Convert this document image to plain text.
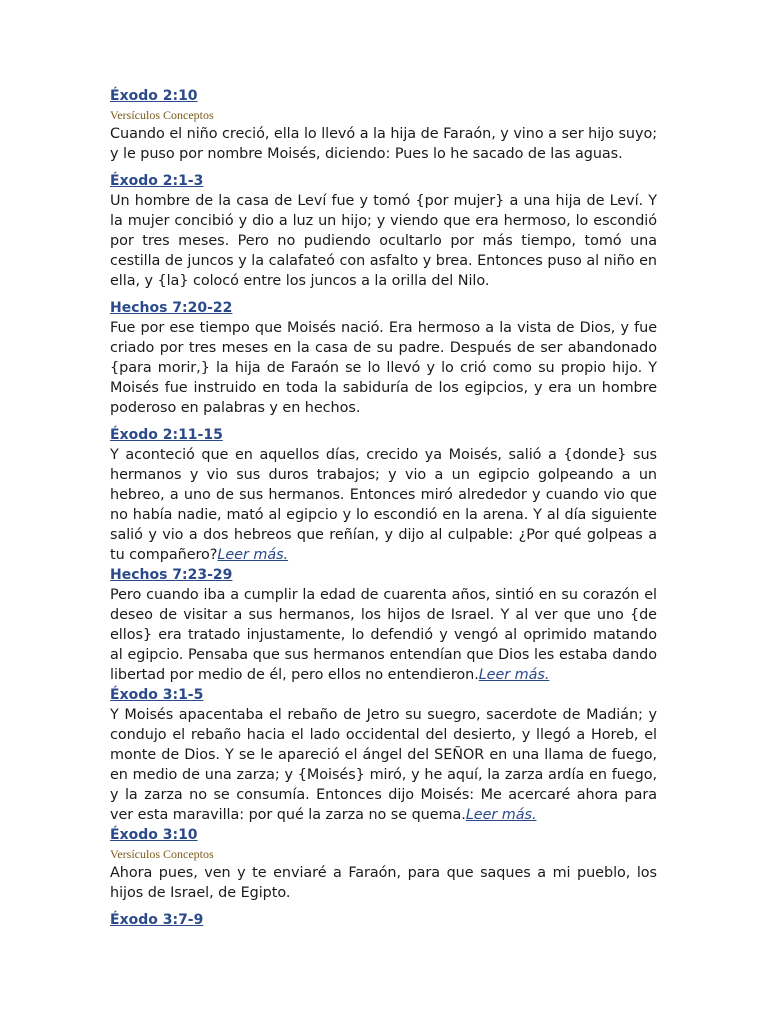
Éxodo 2:10
Versículos Conceptos

Cuando el niño creció, ella lo llevó a la hija de Faraón, y vino a ser hijo suyo; y le puso por nombre Moisés, diciendo: Pues lo he sacado de las aguas.

Éxodo 2:1-3

Un hombre de la casa de Leví fue y tomó {por mujer} a una hija de Leví. Y la mujer concibió y dio a luz un hijo; y viendo que era hermoso, lo escondió por tres meses. Pero no pudiendo ocultarlo por más tiempo, tomó una cestilla de juncos y la calafateó con asfalto y brea. Entonces puso al niño en ella, y {la} colocó entre los juncos a la orilla del Nilo.

Hechos 7:20-22

Fue por ese tiempo que Moisés nació. Era hermoso a la vista de Dios, y fue criado por tres meses en la casa de su padre. Después de ser abandonado {para morir,} la hija de Faraón se lo llevó y lo crió como su propio hijo. Y Moisés fue instruido en toda la sabiduría de los egipcios, y era un hombre poderoso en palabras y en hechos.

Éxodo 2:11-15

Y aconteció que en aquellos días, crecido ya Moisés, salió a {donde} sus hermanos y vio sus duros trabajos; y vio a un egipcio golpeando a un hebreo, a uno de sus hermanos. Entonces miró alrededor y cuando vio que no había nadie, mató al egipcio y lo escondió en la arena. Y al día siguiente salió y vio a dos hebreos que reñían, y dijo al culpable: ¿Por qué golpeas a tu compañero?Leer más.

Hechos 7:23-29

Pero cuando iba a cumplir la edad de cuarenta años, sintió en su corazón el deseo de visitar a sus hermanos, los hijos de Israel. Y al ver que uno {de ellos} era tratado injustamente, lo defendió y vengó al oprimido matando al egipcio. Pensaba que sus hermanos entendían que Dios les estaba dando libertad por medio de él, pero ellos no entendieron.Leer más.

Éxodo 3:1-5

Y Moisés apacentaba el rebaño de Jetro su suegro, sacerdote de Madián; y condujo el rebaño hacia el lado occidental del desierto, y llegó a Horeb, el monte de Dios. Y se le apareció el ángel del SEÑOR en una llama de fuego, en medio de una zarza; y {Moisés} miró, y he aquí, la zarza ardía en fuego, y la zarza no se consumía. Entonces dijo Moisés: Me acercaré ahora para ver esta maravilla: por qué la zarza no se quema.Leer más.

Éxodo 3:10
Versículos Conceptos

Ahora pues, ven y te enviaré a Faraón, para que saques a mi pueblo, los hijos de Israel, de Egipto.

Éxodo 3:7-9
